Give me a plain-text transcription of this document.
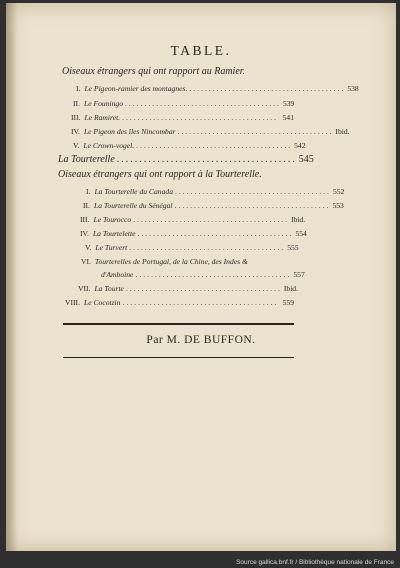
TABLE.
Oiseaux étrangers qui ont rapport au Ramier.
I. Le Pigeon-ramier des montagnes. ........................................ 538
II. Le Founingo ........................................ 539
III. Le Ramiret. ........................................ 541
IV. Le Pigeon des îles Nincombar ........................................ Ibid.
V. Le Crown-vogel. ........................................ 542
La Tourterelle ........................................ 545
Oiseaux étrangers qui ont rapport à la Tourterelle.
I. La Tourterelle du Canada ........................................ 552
II. La Tourterelle du Sénégal ........................................ 553
III. Le Tourocco ........................................ Ibid.
IV. La Tourtelette ........................................ 554
V. Le Turvert ........................................ 555
VI. Tourterelles de Portugal, de la Chine, des Indes &
d'Amboine ........................................ 557
VII. La Tourte ........................................ Ibid.
VIII. Le Cocotzin ........................................ 559
Par M. DE BUFFON.
Source gallica.bnf.fr / Bibliothèque nationale de France
